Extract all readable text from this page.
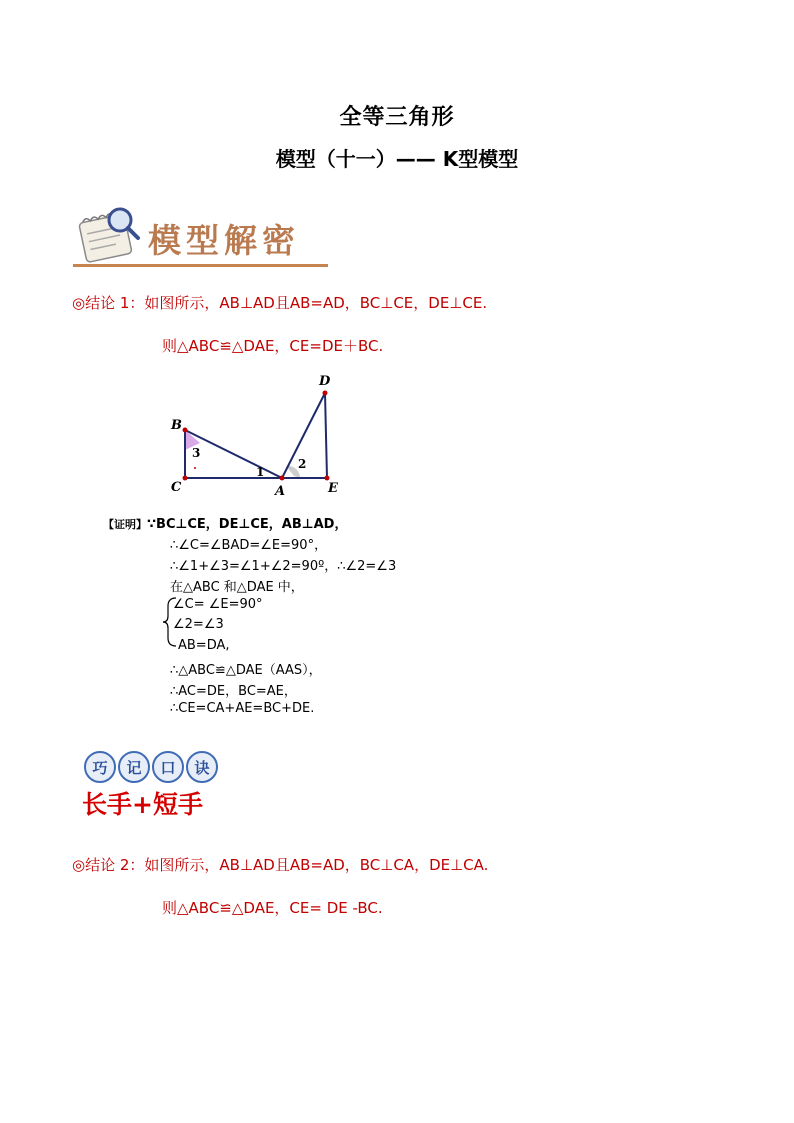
全等三角形
模型（十一）—— K型模型
模型解密
◎结论 1：如图所示，AB⊥AD且AB=AD，BC⊥CE，DE⊥CE.
则△ABC≌△DAE，CE=DE＋BC.
B
C	A
D
E
1
2
3
【证明】∵BC⊥CE，DE⊥CE，AB⊥AD，
∴∠C=∠BAD=∠E=90°，
∴∠1+∠3=∠1+∠2=90º，∴∠2=∠3
在△ABC 和△DAE 中，
∠C= ∠E=90°
∠2=∠3
AB=DA,
∴△ABC≌△DAE（AAS），
∴AC=DE，BC=AE，
∴CE=CA+AE=BC+DE.
巧	记	口	诀
长手+短手
◎结论 2：如图所示，AB⊥AD且AB=AD，BC⊥CA，DE⊥CA.
则△ABC≌△DAE，CE= DE -BC.
